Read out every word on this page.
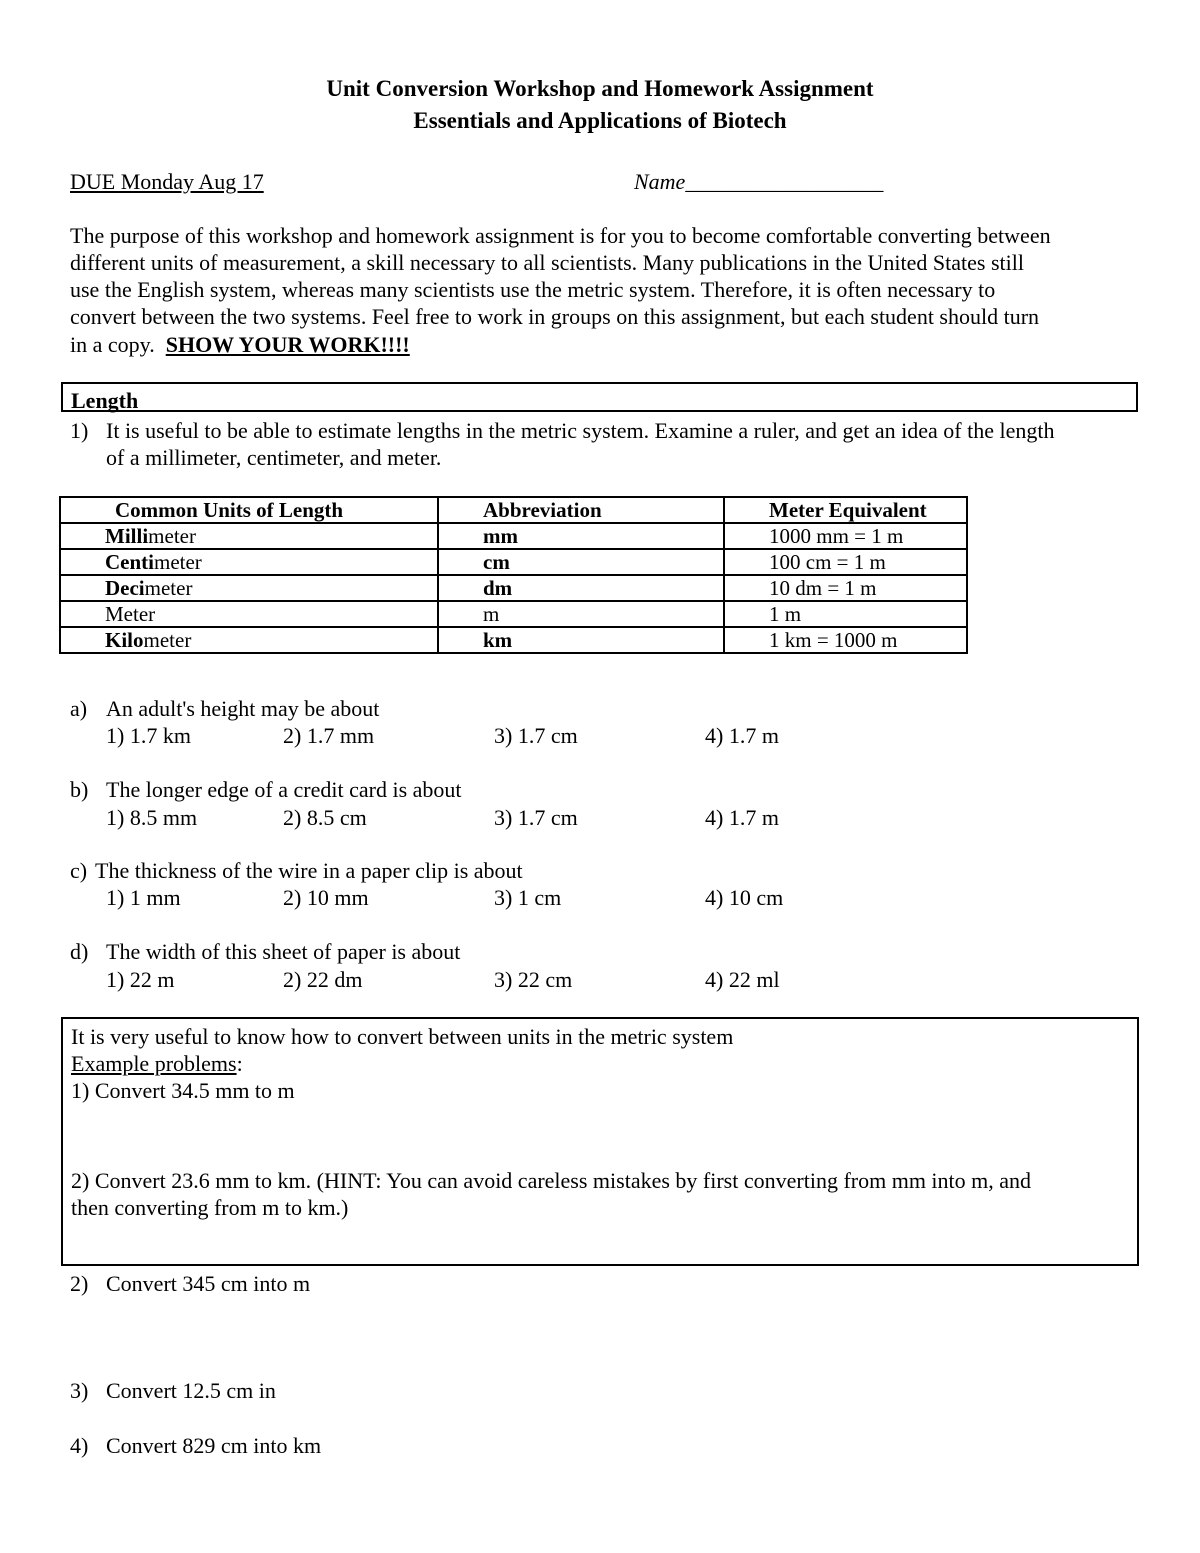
Unit Conversion Workshop and Homework Assignment
Essentials and Applications of Biotech
DUE Monday Aug 17	Name__________________
The purpose of this workshop and homework assignment is for you to become comfortable converting between
different units of measurement, a skill necessary to all scientists. Many publications in the United States still
use the English system, whereas many scientists use the metric system. Therefore, it is often necessary to
convert between the two systems. Feel free to work in groups on this assignment, but each student should turn
in a copy.  SHOW YOUR WORK!!!!
Length
1) It is useful to be able to estimate lengths in the metric system. Examine a ruler, and get an idea of the length
of a millimeter, centimeter, and meter.
Common Units of Length	Abbreviation	Meter Equivalent
Millimeter	mm	1000 mm = 1 m
Centimeter	cm	100 cm = 1 m
Decimeter	dm	10 dm = 1 m
Meter	m	1 m
Kilometer	km	1 km = 1000 m
a) An adult's height may be about
1) 1.7 km	2) 1.7 mm	3) 1.7 cm	4) 1.7 m
b) The longer edge of a credit card is about
1) 8.5 mm	2) 8.5 cm	3) 1.7 cm	4) 1.7 m
c) The thickness of the wire in a paper clip is about
1) 1 mm	2) 10 mm	3) 1 cm	4) 10 cm
d) The width of this sheet of paper is about
1) 22 m	2) 22 dm	3) 22 cm	4) 22 ml
It is very useful to know how to convert between units in the metric system
Example problems:
1) Convert 34.5 mm to m
2) Convert 23.6 mm to km. (HINT: You can avoid careless mistakes by first converting from mm into m, and
then converting from m to km.)
2) Convert 345 cm into m
3) Convert 12.5 cm in
4) Convert 829 cm into km
